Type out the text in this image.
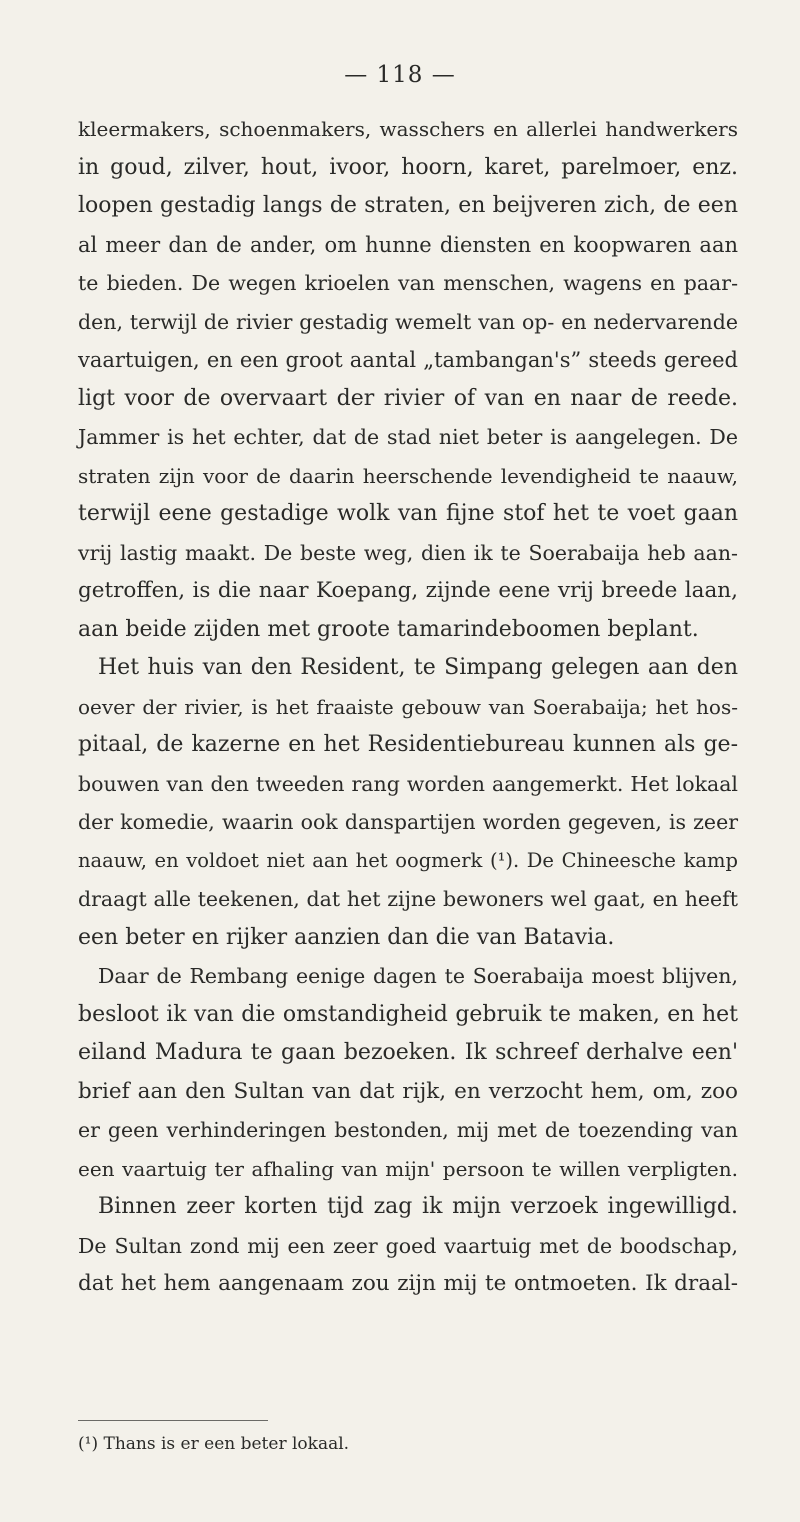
— 118 —
kleermakers, schoenmakers, wasschers en allerlei handwerkers
in goud, zilver, hout, ivoor, hoorn, karet, parelmoer, enz.
loopen gestadig langs de straten, en beijveren zich, de een
al meer dan de ander, om hunne diensten en koopwaren aan
te bieden. De wegen krioelen van menschen, wagens en paar-
den, terwijl de rivier gestadig wemelt van op- en nedervarende
vaartuigen, en een groot aantal „tambangan's” steeds gereed
ligt voor de overvaart der rivier of van en naar de reede.
Jammer is het echter, dat de stad niet beter is aangelegen. De
straten zijn voor de daarin heerschende levendigheid te naauw,
terwijl eene gestadige wolk van fijne stof het te voet gaan
vrij lastig maakt. De beste weg, dien ik te Soerabaija heb aan-
getroffen, is die naar Koepang, zijnde eene vrij breede laan,
aan beide zijden met groote tamarindeboomen beplant.
Het huis van den Resident, te Simpang gelegen aan den
oever der rivier, is het fraaiste gebouw van Soerabaija; het hos-
pitaal, de kazerne en het Residentiebureau kunnen als ge-
bouwen van den tweeden rang worden aangemerkt. Het lokaal
der komedie, waarin ook danspartijen worden gegeven, is zeer
naauw, en voldoet niet aan het oogmerk (¹). De Chineesche kamp
draagt alle teekenen, dat het zijne bewoners wel gaat, en heeft
een beter en rijker aanzien dan die van Batavia.
Daar de Rembang eenige dagen te Soerabaija moest blijven,
besloot ik van die omstandigheid gebruik te maken, en het
eiland Madura te gaan bezoeken. Ik schreef derhalve een'
brief aan den Sultan van dat rijk, en verzocht hem, om, zoo
er geen verhinderingen bestonden, mij met de toezending van
een vaartuig ter afhaling van mijn' persoon te willen verpligten.
Binnen zeer korten tijd zag ik mijn verzoek ingewilligd.
De Sultan zond mij een zeer goed vaartuig met de boodschap,
dat het hem aangenaam zou zijn mij te ontmoeten. Ik draal-
(¹) Thans is er een beter lokaal.
